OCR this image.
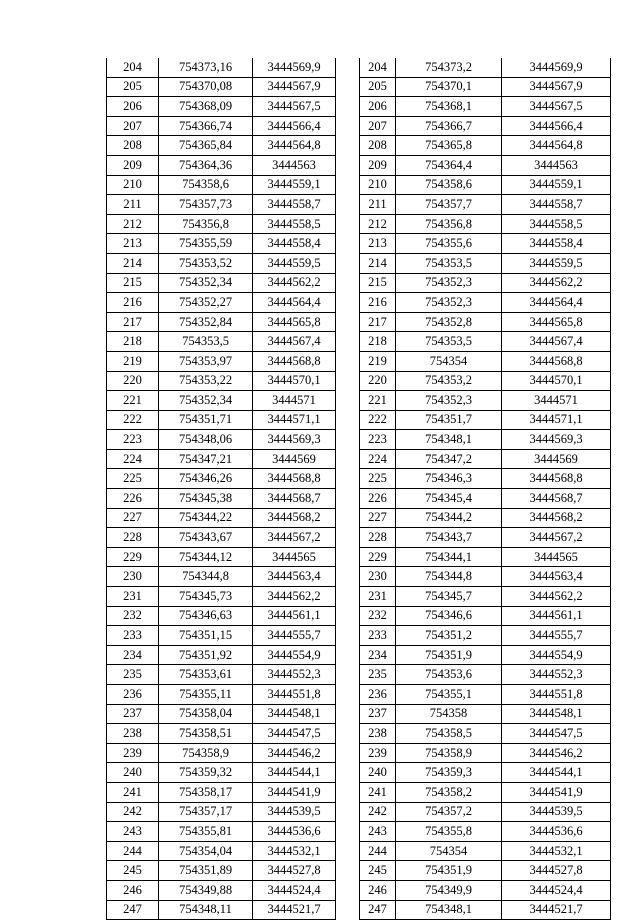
204	754373,16	3444569,9
205	754370,08	3444567,9
206	754368,09	3444567,5
207	754366,74	3444566,4
208	754365,84	3444564,8
209	754364,36	3444563
210	754358,6	3444559,1
211	754357,73	3444558,7
212	754356,8	3444558,5
213	754355,59	3444558,4
214	754353,52	3444559,5
215	754352,34	3444562,2
216	754352,27	3444564,4
217	754352,84	3444565,8
218	754353,5	3444567,4
219	754353,97	3444568,8
220	754353,22	3444570,1
221	754352,34	3444571
222	754351,71	3444571,1
223	754348,06	3444569,3
224	754347,21	3444569
225	754346,26	3444568,8
226	754345,38	3444568,7
227	754344,22	3444568,2
228	754343,67	3444567,2
229	754344,12	3444565
230	754344,8	3444563,4
231	754345,73	3444562,2
232	754346,63	3444561,1
233	754351,15	3444555,7
234	754351,92	3444554,9
235	754353,61	3444552,3
236	754355,11	3444551,8
237	754358,04	3444548,1
238	754358,51	3444547,5
239	754358,9	3444546,2
240	754359,32	3444544,1
241	754358,17	3444541,9
242	754357,17	3444539,5
243	754355,81	3444536,6
244	754354,04	3444532,1
245	754351,89	3444527,8
246	754349,88	3444524,4
247	754348,11	3444521,7
204	754373,2	3444569,9
205	754370,1	3444567,9
206	754368,1	3444567,5
207	754366,7	3444566,4
208	754365,8	3444564,8
209	754364,4	3444563
210	754358,6	3444559,1
211	754357,7	3444558,7
212	754356,8	3444558,5
213	754355,6	3444558,4
214	754353,5	3444559,5
215	754352,3	3444562,2
216	754352,3	3444564,4
217	754352,8	3444565,8
218	754353,5	3444567,4
219	754354	3444568,8
220	754353,2	3444570,1
221	754352,3	3444571
222	754351,7	3444571,1
223	754348,1	3444569,3
224	754347,2	3444569
225	754346,3	3444568,8
226	754345,4	3444568,7
227	754344,2	3444568,2
228	754343,7	3444567,2
229	754344,1	3444565
230	754344,8	3444563,4
231	754345,7	3444562,2
232	754346,6	3444561,1
233	754351,2	3444555,7
234	754351,9	3444554,9
235	754353,6	3444552,3
236	754355,1	3444551,8
237	754358	3444548,1
238	754358,5	3444547,5
239	754358,9	3444546,2
240	754359,3	3444544,1
241	754358,2	3444541,9
242	754357,2	3444539,5
243	754355,8	3444536,6
244	754354	3444532,1
245	754351,9	3444527,8
246	754349,9	3444524,4
247	754348,1	3444521,7
